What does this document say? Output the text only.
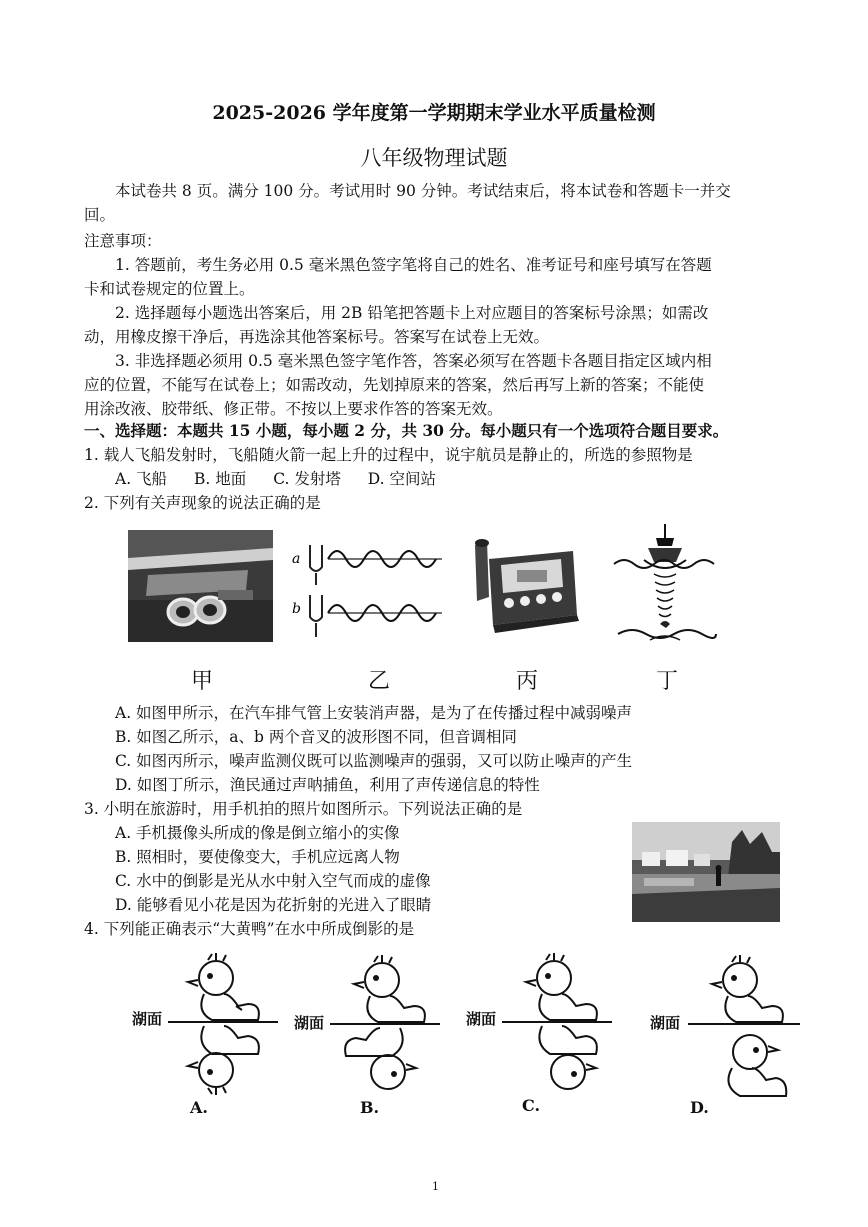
2025-2026 学年度第一学期期末学业水平质量检测
八年级物理试题
本试卷共 8 页。满分 100 分。考试用时 90 分钟。考试结束后，将本试卷和答题卡一并交
回。
注意事项：
1. 答题前，考生务必用 0.5 毫米黑色签字笔将自己的姓名、准考证号和座号填写在答题
卡和试卷规定的位置上。
2. 选择题每小题选出答案后，用 2B 铅笔把答题卡上对应题目的答案标号涂黑；如需改
动，用橡皮擦干净后，再选涂其他答案标号。答案写在试卷上无效。
3. 非选择题必须用 0.5 毫米黑色签字笔作答，答案必须写在答题卡各题目指定区域内相
应的位置，不能写在试卷上；如需改动，先划掉原来的答案，然后再写上新的答案；不能使
用涂改液、胶带纸、修正带。不按以上要求作答的答案无效。
一、选择题：本题共 15 小题，每小题 2 分，共 30 分。每小题只有一个选项符合题目要求。
1. 载人飞船发射时，飞船随火箭一起上升的过程中，说宇航员是静止的，所选的参照物是
A. 飞船 B. 地面 C. 发射塔 D. 空间站
2. 下列有关声现象的说法正确的是
a
b
甲	乙	丙	丁
A. 如图甲所示，在汽车排气管上安装消声器，是为了在传播过程中减弱噪声
B. 如图乙所示，a、b 两个音叉的波形图不同，但音调相同
C. 如图丙所示，噪声监测仪既可以监测噪声的强弱，又可以防止噪声的产生
D. 如图丁所示，渔民通过声呐捕鱼，利用了声传递信息的特性
3. 小明在旅游时，用手机拍的照片如图所示。下列说法正确的是
A. 手机摄像头所成的像是倒立缩小的实像
B. 照相时，要使像变大，手机应远离人物
C. 水中的倒影是光从水中射入空气而成的虚像
D. 能够看见小花是因为花折射的光进入了眼睛
4. 下列能正确表示“大黄鸭”在水中所成倒影的是
湖面
A.
湖面
B.
湖面
C.
湖面
D.
1
